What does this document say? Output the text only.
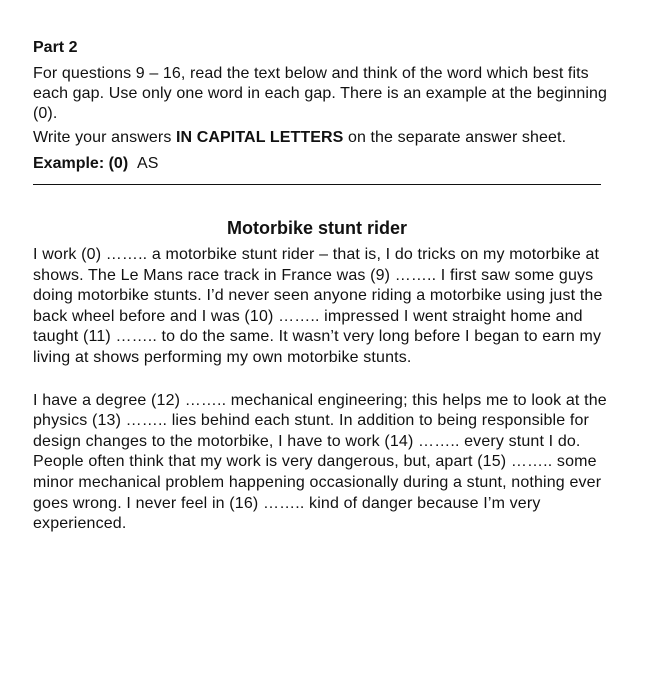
Part 2

For questions 9 – 16, read the text below and think of the word which best fits each gap. Use only one word in each gap. There is an example at the beginning (0).

Write your answers IN CAPITAL LETTERS on the separate answer sheet.

Example: (0) AS
Motorbike stunt rider

I work (0) …….. a motorbike stunt rider – that is, I do tricks on my motorbike at shows. The Le Mans race track in France was (9) …….. I first saw some guys doing motorbike stunts. I’d never seen anyone riding a motorbike using just the back wheel before and I was (10) …….. impressed I went straight home and taught (11) …….. to do the same. It wasn’t very long before I began to earn my living at shows performing my own motorbike stunts.

I have a degree (12) …….. mechanical engineering; this helps me to look at the physics (13) …….. lies behind each stunt. In addition to being responsible for design changes to the motorbike, I have to work (14) …….. every stunt I do. People often think that my work is very dangerous, but, apart (15) …….. some minor mechanical problem happening occasionally during a stunt, nothing ever goes wrong. I never feel in (16) …….. kind of danger because I’m very experienced.
